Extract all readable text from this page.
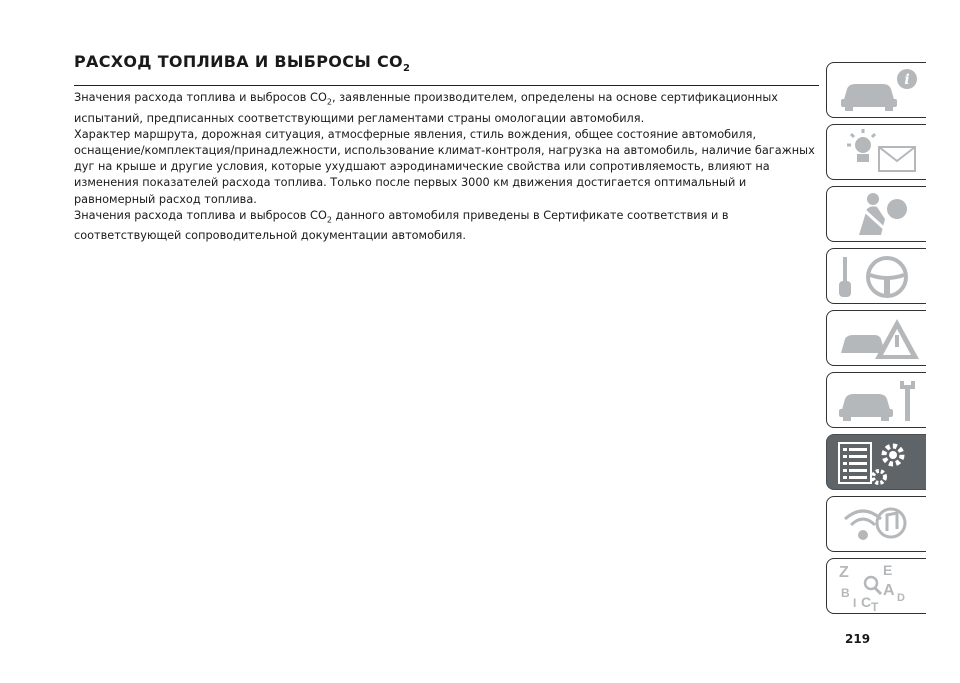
РАСХОД ТОПЛИВА И ВЫБРОСЫ $СО_2$

Значения расхода топлива и выбросов $СО_2$, заявленные производителем, определены на основе сертификационных испытаний, предписанных соответствующими регламентами страны омологации автомобиля.

Характер маршрута, дорожная ситуация, атмосферные явления, стиль вождения, общее состояние автомобиля, оснащение/комплектация/принадлежности, использование климат-контроля, нагрузка на автомобиль, наличие багажных дуг на крыше и другие условия, которые ухудшают аэродинамические свойства или сопротивляемость, влияют на изменения показателей расхода топлива. Только после первых 3000 км движения достигается оптимальный и равномерный расход топлива.

Значения расхода топлива и выбросов $СО_2$ данного автомобиля приведены в Сертификате соответствия и в соответствующей сопроводительной документации автомобиля.

i
Z E
A
B	D
C
I T
219
